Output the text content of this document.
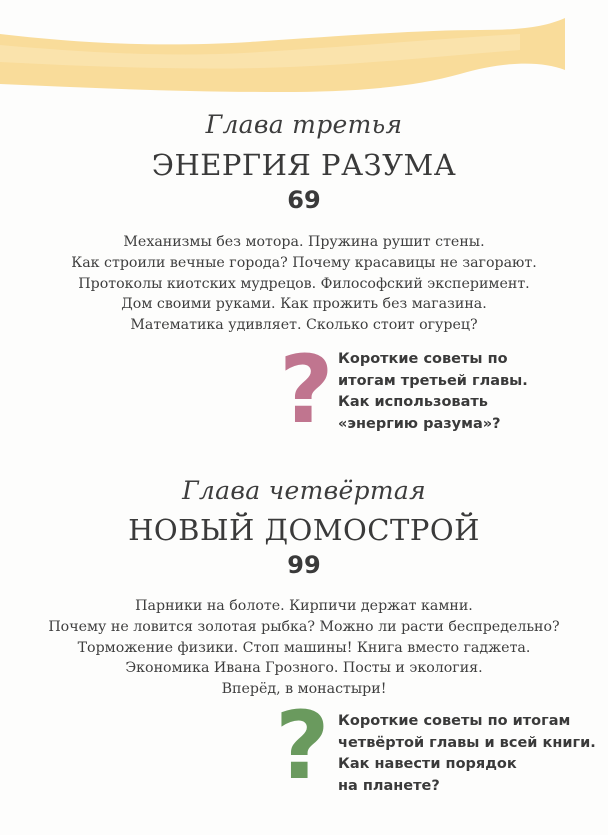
Глава третья
ЭНЕРГИЯ РАЗУМА
69
Механизмы без мотора. Пружина рушит стены.
Как строили вечные города? Почему красавицы не загорают.
Протоколы киотских мудрецов. Философский эксперимент.
Дом своими руками. Как прожить без магазина.
Математика удивляет. Сколько стоит огурец?
? Короткие советы по
итогам третьей главы.
Как использовать
«энергию разума»?
Глава четвёртая
НОВЫЙ ДОМОСТРОЙ
99
Парники на болоте. Кирпичи держат камни.
Почему не ловится золотая рыбка? Можно ли расти беспредельно?
Торможение физики. Стоп машины! Книга вместо гаджета.
Экономика Ивана Грозного. Посты и экология.
Вперёд, в монастыри!
? Короткие советы по итогам
четвёртой главы и всей книги.
Как навести порядок
на планете?
